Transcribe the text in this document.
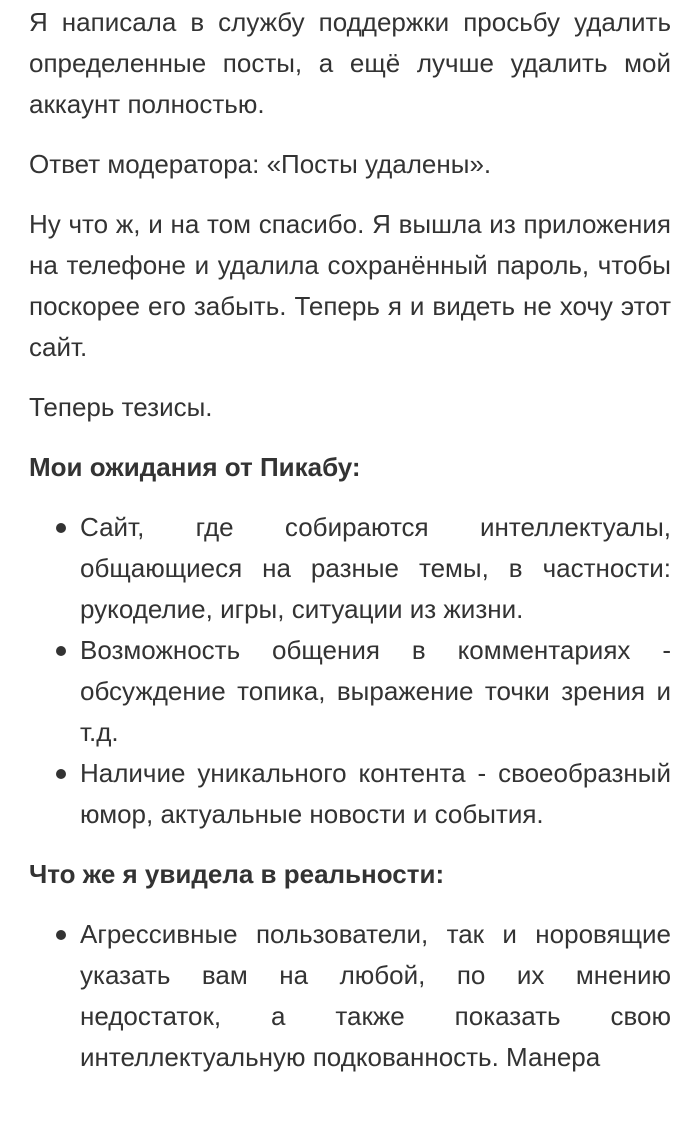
Я написала в службу поддержки просьбу удалить определенные посты, а ещё лучше удалить мой аккаунт полностью.

Ответ модератора: «Посты удалены».

Ну что ж, и на том спасибо. Я вышла из приложения на телефоне и удалила сохранённый пароль, чтобы поскорее его забыть. Теперь я и видеть не хочу этот сайт.

Теперь тезисы.

Мои ожидания от Пикабу:
Сайт, где собираются интеллектуалы, общающиеся на разные темы, в частности: рукоделие, игры, ситуации из жизни.
Возможность общения в комментариях - обсуждение топика, выражение точки зрения и т.д.
Наличие уникального контента - своеобразный юмор, актуальные новости и события.
Что же я увидела в реальности:
Агрессивные пользователи, так и норовящие указать вам на любой, по их мнению недостаток, а также показать свою интеллектуальную подкованность. Манера
